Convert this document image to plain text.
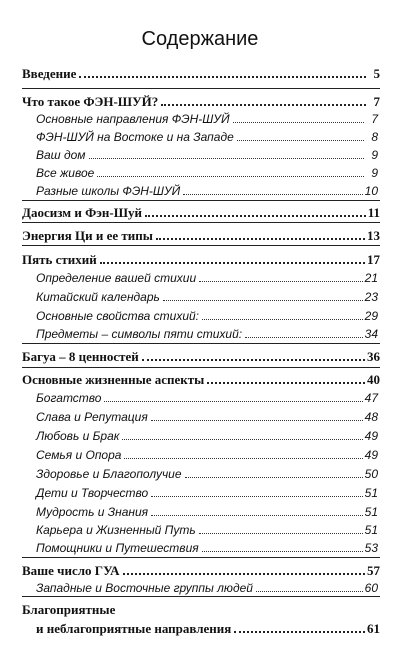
Содержание
Введение	5
Что такое ФЭН-ШУЙ?	7
Основные направления ФЭН-ШУЙ	7
ФЭН-ШУЙ на Востоке и на Западе	8
Ваш дом	9
Все живое	9
Разные школы ФЭН-ШУЙ	10
Даосизм и Фэн-Шуй	11
Энергия Ци и ее типы	13
Пять стихий	17
Определение вашей стихии	21
Китайский календарь	23
Основные свойства стихий:	29
Предметы – символы пяти стихий:	34
Багуа – 8 ценностей	36
Основные жизненные аспекты	40
Богатство	47
Слава и Репутация	48
Любовь и Брак	49
Семья и Опора	49
Здоровье и Благополучие	50
Дети и Творчество	51
Мудрость и Знания	51
Карьера и Жизненный Путь	51
Помощники и Путешествия	53
Ваше число ГУА	57
Западные и Восточные группы людей	60
Благоприятные
и неблагоприятные направления	61
